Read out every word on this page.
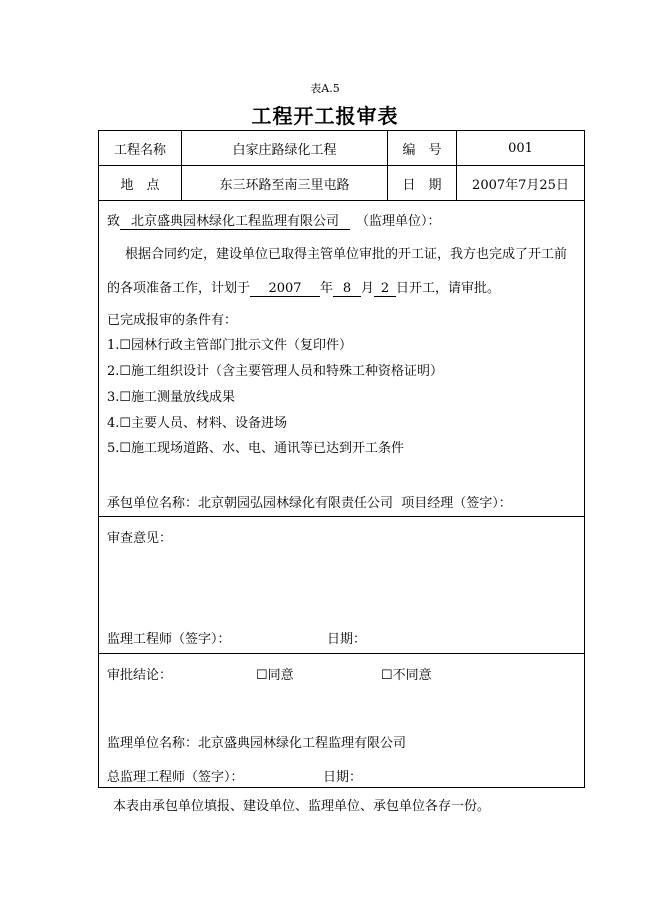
表A.5
工程开工报审表
工程名称	白家庄路绿化工程	编　号	001
地　点	东三环路至南三里屯路	日　期	2007年7月25日
致 北京盛典园林绿化工程监理有限公司 （监理单位）：
根据合同约定，建设单位已取得主管单位审批的开工证，我方也完成了开工前
的各项准备工作，计划于 2007 年 8 月 2 日开工，请审批。
已完成报审的条件有：
1.☐园林行政主管部门批示文件（复印件）
2.☐施工组织设计（含主要管理人员和特殊工种资格证明）
3.☐施工测量放线成果
4.☐主要人员、材料、设备进场
5.☐施工现场道路、水、电、通讯等已达到开工条件
承包单位名称：北京朝园弘园林绿化有限责任公司  项目经理（签字）：
审查意见：
监理工程师（签字）：	日期：
审批结论：	☐同意	☐不同意
监理单位名称：北京盛典园林绿化工程监理有限公司
总监理工程师（签字）：	日期：
本表由承包单位填报、建设单位、监理单位、承包单位各存一份。
